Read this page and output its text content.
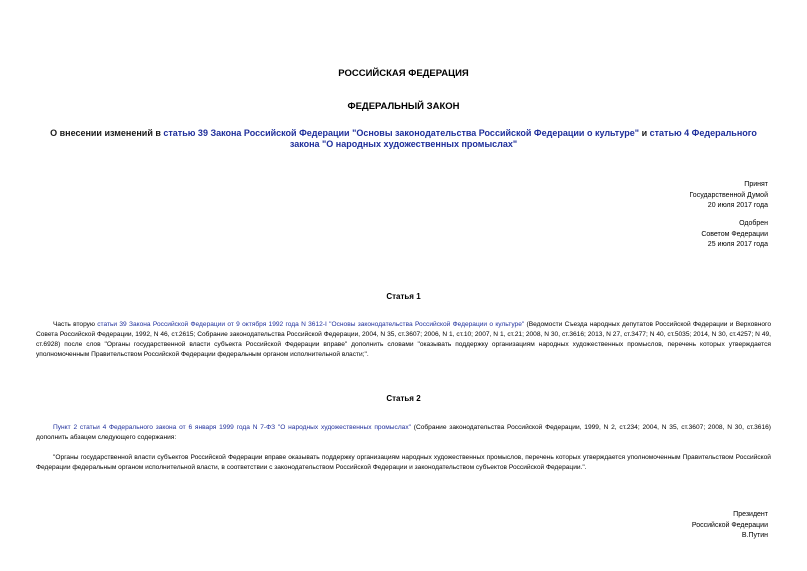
РОССИЙСКАЯ ФЕДЕРАЦИЯ
ФЕДЕРАЛЬНЫЙ ЗАКОН
О внесении изменений в статью 39 Закона Российской Федерации "Основы законодательства Российской Федерации о культуре" и статью 4 Федерального закона "О народных художественных промыслах"
Принят
Государственной Думой
20 июля 2017 года
Одобрен
Советом Федерации
25 июля 2017 года
Статья 1
Часть вторую статьи 39 Закона Российской Федерации от 9 октября 1992 года N 3612-I "Основы законодательства Российской Федерации о культуре" (Ведомости Съезда народных депутатов Российской Федерации и Верховного Совета Российской Федерации, 1992, N 46, ст.2615; Собрание законодательства Российской Федерации, 2004, N 35, ст.3607; 2006, N 1, ст.10; 2007, N 1, ст.21; 2008, N 30, ст.3616; 2013, N 27, ст.3477; N 40, ст.5035; 2014, N 30, ст.4257; N 49, ст.6928) после слов "Органы государственной власти субъекта Российской Федерации вправе" дополнить словами "оказывать поддержку организациям народных художественных промыслов, перечень которых утверждается уполномоченным Правительством Российской Федерации федеральным органом исполнительной власти;".
Статья 2
Пункт 2 статьи 4 Федерального закона от 6 января 1999 года N 7-ФЗ "О народных художественных промыслах" (Собрание законодательства Российской Федерации, 1999, N 2, ст.234; 2004, N 35, ст.3607; 2008, N 30, ст.3616) дополнить абзацем следующего содержания:
"Органы государственной власти субъектов Российской Федерации вправе оказывать поддержку организациям народных художественных промыслов, перечень которых утверждается уполномоченным Правительством Российской Федерации федеральным органом исполнительной власти, в соответствии с законодательством Российской Федерации и законодательством субъектов Российской Федерации.".
Президент
Российской Федерации
В.Путин
